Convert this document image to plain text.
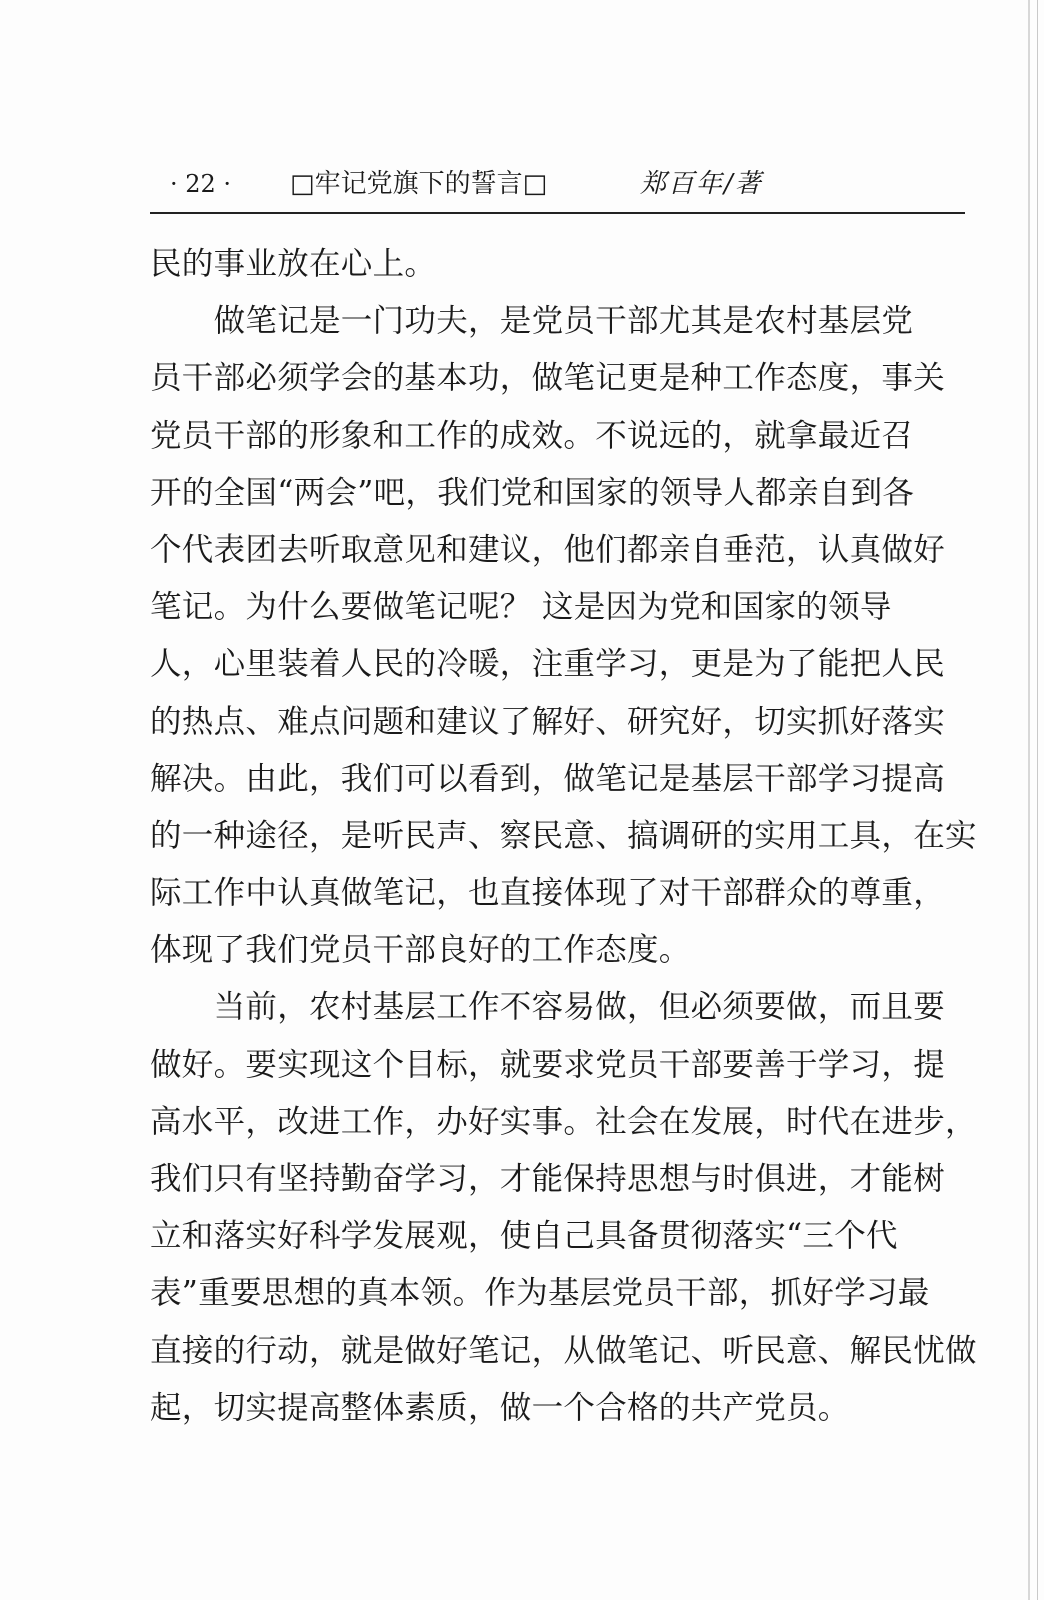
· 22 · □牢记党旗下的誓言□	郑百年/著
民的事业放在心上。
　　做笔记是一门功夫，是党员干部尤其是农村基层党
员干部必须学会的基本功，做笔记更是种工作态度，事关
党员干部的形象和工作的成效。不说远的，就拿最近召
开的全国“两会”吧，我们党和国家的领导人都亲自到各
个代表团去听取意见和建议，他们都亲自垂范，认真做好
笔记。为什么要做笔记呢？ 这是因为党和国家的领导
人，心里装着人民的冷暖，注重学习，更是为了能把人民
的热点、难点问题和建议了解好、研究好，切实抓好落实
解决。由此，我们可以看到，做笔记是基层干部学习提高
的一种途径，是听民声、察民意、搞调研的实用工具，在实
际工作中认真做笔记，也直接体现了对干部群众的尊重，
体现了我们党员干部良好的工作态度。
　　当前，农村基层工作不容易做，但必须要做，而且要
做好。要实现这个目标，就要求党员干部要善于学习，提
高水平，改进工作，办好实事。社会在发展，时代在进步，
我们只有坚持勤奋学习，才能保持思想与时俱进，才能树
立和落实好科学发展观，使自己具备贯彻落实“三个代
表”重要思想的真本领。作为基层党员干部，抓好学习最
直接的行动，就是做好笔记，从做笔记、听民意、解民忧做
起，切实提高整体素质，做一个合格的共产党员。
